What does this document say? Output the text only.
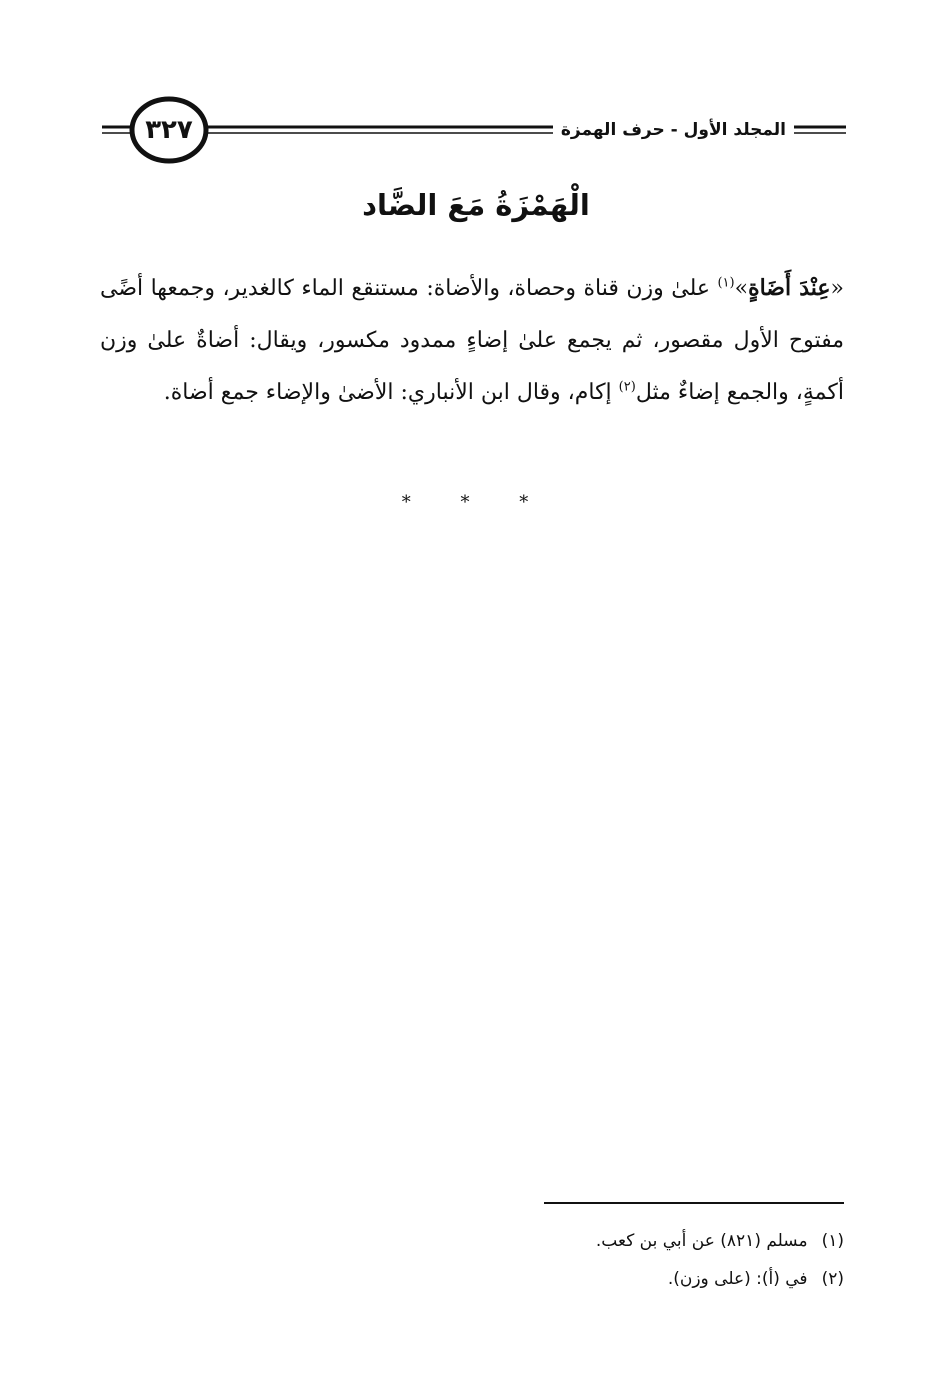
المجلد الأول - حرف الهمزة
٣٢٧
الْهَمْزَةُ مَعَ الضَّاد
«عِنْدَ أَضَاةٍ»$^{(١)}$ علىٰ وزن قناة وحصاة، والأضاة: مستنقع الماء كالغدير، وجمعها أضًى مفتوح الأول مقصور، ثم يجمع علىٰ إضاءٍ ممدود مكسور، ويقال: أضاةٌ علىٰ وزن أكمةٍ، والجمع إضاءٌ مثل$^{(٢)}$ إكام، وقال ابن الأنباري: الأضىٰ والإضاء جمع أضاة.
* * *
(١)مسلم (٨٢١) عن أبي بن كعب.
(٢)في (أ): (على وزن).
